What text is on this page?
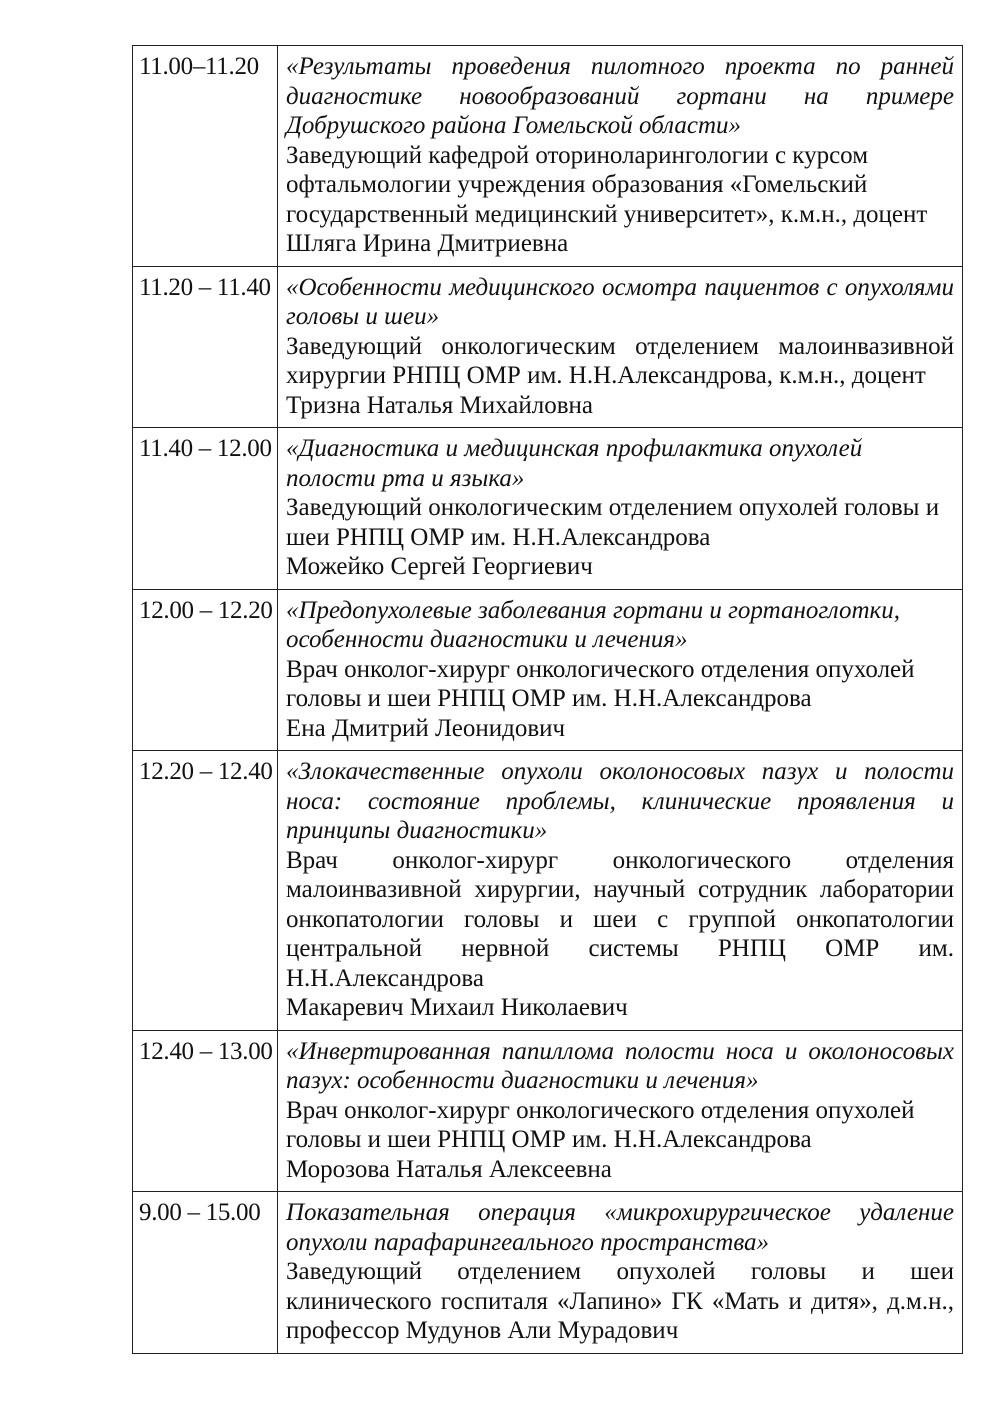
11.00–11.20	«Результаты проведения пилотного проекта по ранней диагностике новообразований гортани на примере Добрушского района Гомельской области»
Заведующий кафедрой оториноларингологии с курсом офтальмологии учреждения образования «Гомельский государственный медицинский университет», к.м.н., доцент
Шляга Ирина Дмитриевна

11.20 – 11.40	«Особенности медицинского осмотра пациентов с опухолями головы и шеи»
Заведующий онкологическим отделением малоинвазивной хирургии РНПЦ ОМР им. Н.Н.Александрова, к.м.н., доцент
Тризна Наталья Михайловна

11.40 – 12.00	«Диагностика и медицинская профилактика опухолей полости рта и языка»
Заведующий онкологическим отделением опухолей головы и шеи РНПЦ ОМР им. Н.Н.Александрова
Можейко Сергей Георгиевич

12.00 – 12.20	«Предопухолевые заболевания гортани и гортаноглотки, особенности диагностики и лечения»
Врач онколог-хирург онкологического отделения опухолей головы и шеи РНПЦ ОМР им. Н.Н.Александрова
Ена Дмитрий Леонидович

12.20 – 12.40	«Злокачественные опухоли околоносовых пазух и полости носа: состояние проблемы, клинические проявления и принципы диагностики»
Врач онколог-хирург онкологического отделения малоинвазивной хирургии, научный сотрудник лаборатории онкопатологии головы и шеи с группой онкопатологии центральной нервной системы РНПЦ ОМР им. Н.Н.Александрова
Макаревич Михаил Николаевич

12.40 – 13.00	«Инвертированная папиллома полости носа и околоносовых пазух: особенности диагностики и лечения»
Врач онколог-хирург онкологического отделения опухолей головы и шеи РНПЦ ОМР им. Н.Н.Александрова
Морозова Наталья Алексеевна

9.00 – 15.00	Показательная операция «микрохирургическое удаление опухоли парафарингеального пространства»
Заведующий отделением опухолей головы и шеи клинического госпиталя «Лапино» ГК «Мать и дитя», д.м.н., профессор Мудунов Али Мурадович
